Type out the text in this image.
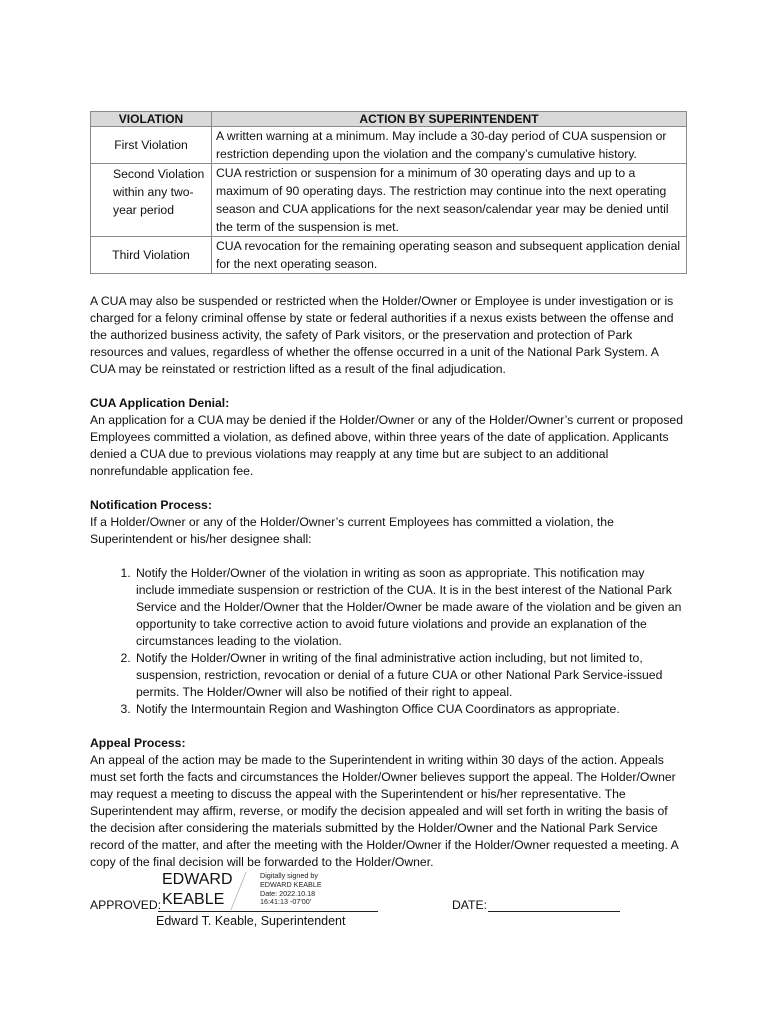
VIOLATION	ACTION BY SUPERINTENDENT

First Violation	A written warning at a minimum. May include a 30-day period of CUA suspension or restriction depending upon the violation and the company’s cumulative history.

Second Violation within any two-year period	CUA restriction or suspension for a minimum of 30 operating days and up to a maximum of 90 operating days. The restriction may continue into the next operating season and CUA applications for the next season/calendar year may be denied until the term of the suspension is met.

Third Violation	CUA revocation for the remaining operating season and subsequent application denial for the next operating season.

A CUA may also be suspended or restricted when the Holder/Owner or Employee is under investigation or is charged for a felony criminal offense by state or federal authorities if a nexus exists between the offense and the authorized business activity, the safety of Park visitors, or the preservation and protection of Park resources and values, regardless of whether the offense occurred in a unit of the National Park System. A CUA may be reinstated or restriction lifted as a result of the final adjudication.

CUA Application Denial:

An application for a CUA may be denied if the Holder/Owner or any of the Holder/Owner’s current or proposed Employees committed a violation, as defined above, within three years of the date of application. Applicants denied a CUA due to previous violations may reapply at any time but are subject to an additional nonrefundable application fee.

Notification Process:

If a Holder/Owner or any of the Holder/Owner’s current Employees has committed a violation, the Superintendent or his/her designee shall:

1. Notify the Holder/Owner of the violation in writing as soon as appropriate. This notification may include immediate suspension or restriction of the CUA. It is in the best interest of the National Park Service and the Holder/Owner that the Holder/Owner be made aware of the violation and be given an opportunity to take corrective action to avoid future violations and provide an explanation of the circumstances leading to the violation.
2. Notify the Holder/Owner in writing of the final administrative action including, but not limited to, suspension, restriction, revocation or denial of a future CUA or other National Park Service-issued permits. The Holder/Owner will also be notified of their right to appeal.
3. Notify the Intermountain Region and Washington Office CUA Coordinators as appropriate.

Appeal Process:

An appeal of the action may be made to the Superintendent in writing within 30 days of the action. Appeals must set forth the facts and circumstances the Holder/Owner believes support the appeal. The Holder/Owner may request a meeting to discuss the appeal with the Superintendent or his/her representative. The Superintendent may affirm, reverse, or modify the decision appealed and will set forth in writing the basis of the decision after considering the materials submitted by the Holder/Owner and the National Park Service record of the matter, and after the meeting with the Holder/Owner if the Holder/Owner requested a meeting. A copy of the final decision will be forwarded to the Holder/Owner.

APPROVED:
EDWARD
KEABLE
Digitally signed by
EDWARD KEABLE
Date: 2022.10.18
16:41:13 -07'00'
Edward T. Keable, Superintendent
DATE:
